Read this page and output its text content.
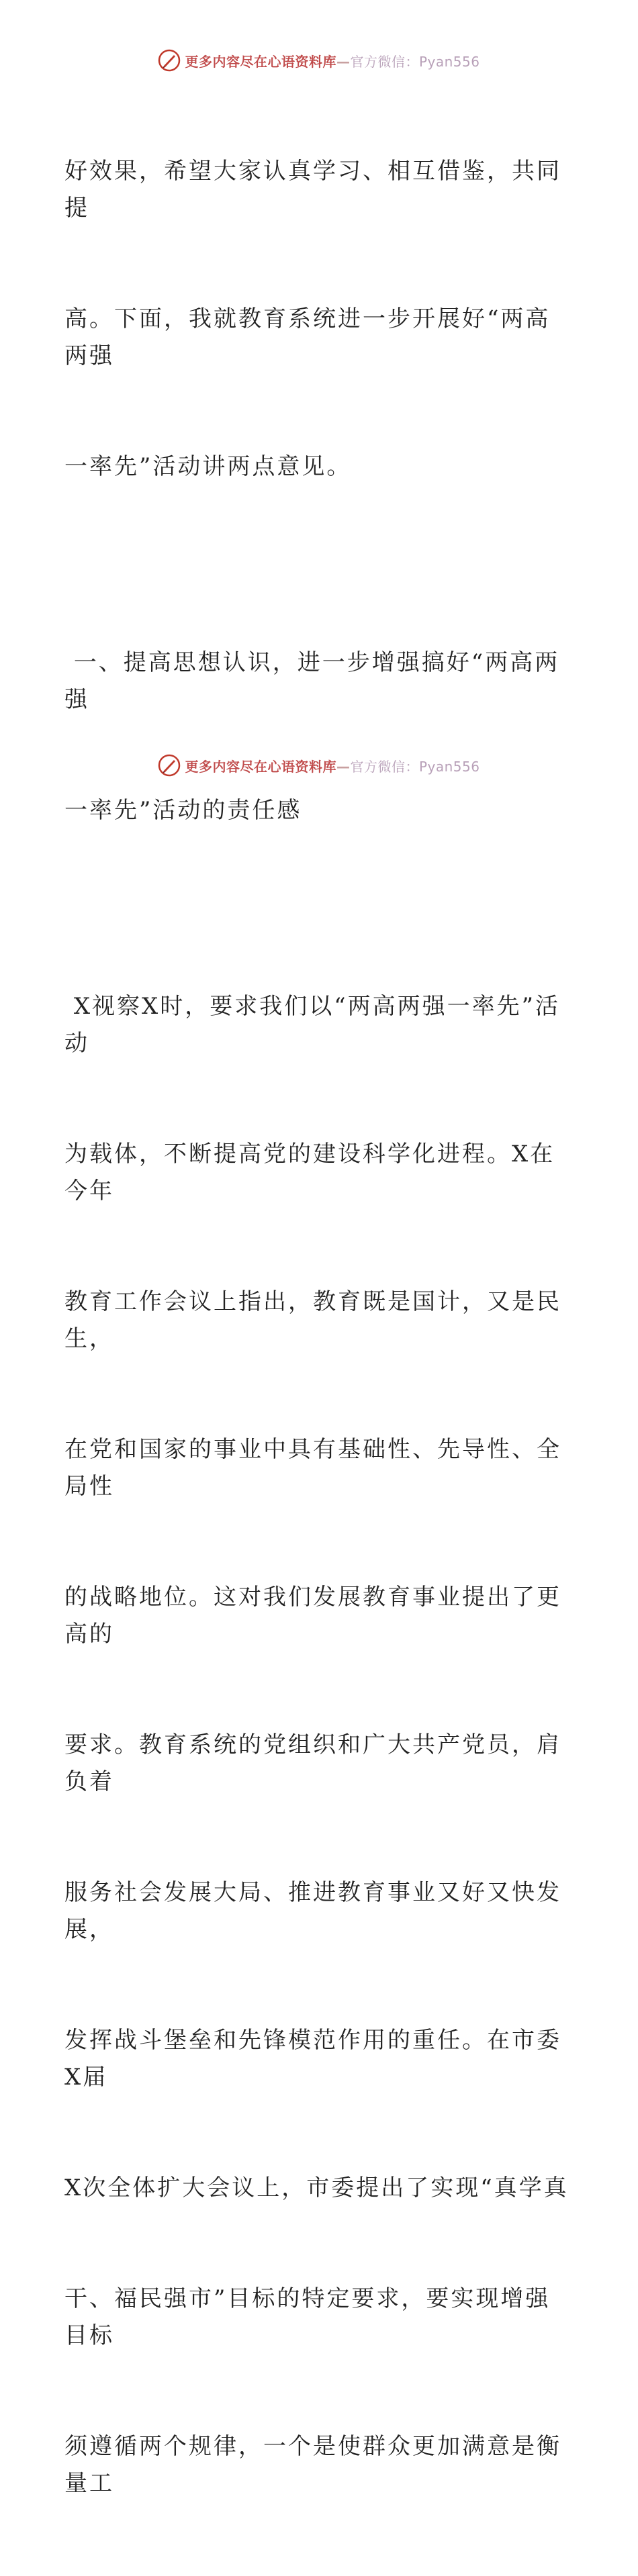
更多内容尽在心语资料库—官方微信：Pyan556

好效果，希望大家认真学习、相互借鉴，共同提

高。下面，我就教育系统进一步开展好“两高两强

一率先”活动讲两点意见。

一、提高思想认识，进一步增强搞好“两高两强

一率先”活动的责任感

X视察X时，要求我们以“两高两强一率先”活动

为载体，不断提高党的建设科学化进程。X在今年

教育工作会议上指出，教育既是国计，又是民生，

在党和国家的事业中具有基础性、先导性、全局性

的战略地位。这对我们发展教育事业提出了更高的

要求。教育系统的党组织和广大共产党员，肩负着

服务社会发展大局、推进教育事业又好又快发展，

发挥战斗堡垒和先锋模范作用的重任。在市委X届

X次全体扩大会议上，市委提出了实现“真学真

干、福民强市”目标的特定要求，要实现增强目标

须遵循两个规律，一个是使群众更加满意是衡量工

更多内容尽在心语资料库—官方微信：Pyan556
